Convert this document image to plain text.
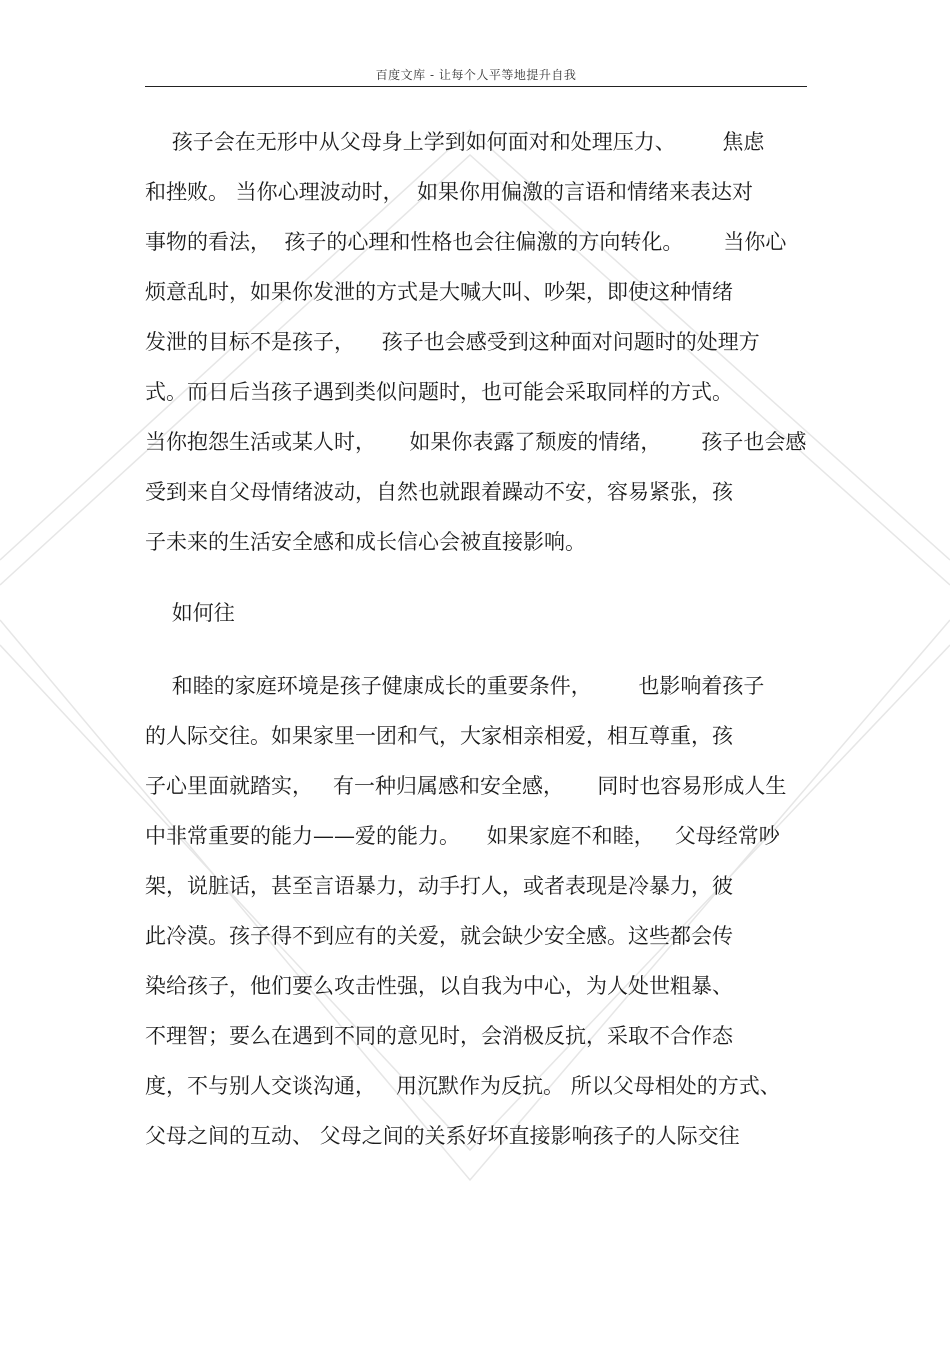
百度文库 - 让每个人平等地提升自我
孩子会在无形中从父母身上学到如何面对和处理压力、       焦虑
和挫败。 当你心理波动时，  如果你用偏激的言语和情绪来表达对
事物的看法，  孩子的心理和性格也会往偏激的方向转化。      当你心
烦意乱时，如果你发泄的方式是大喊大叫、吵架，即使这种情绪
发泄的目标不是孩子，    孩子也会感受到这种面对问题时的处理方
式。而日后当孩子遇到类似问题时，也可能会采取同样的方式。
当你抱怨生活或某人时，     如果你表露了颓废的情绪，      孩子也会感
受到来自父母情绪波动，自然也就跟着躁动不安，容易紧张，孩
子未来的生活安全感和成长信心会被直接影响。
如何往
和睦的家庭环境是孩子健康成长的重要条件，       也影响着孩子
的人际交往。如果家里一团和气，大家相亲相爱，相互尊重，孩
子心里面就踏实，   有一种归属感和安全感，     同时也容易形成人生
中非常重要的能力——爱的能力。    如果家庭不和睦，   父母经常吵
架，说脏话，甚至言语暴力，动手打人，或者表现是冷暴力，彼
此冷漠。孩子得不到应有的关爱，就会缺少安全感。这些都会传
染给孩子，他们要么攻击性强，以自我为中心，为人处世粗暴、
不理智；要么在遇到不同的意见时，会消极反抗，采取不合作态
度，不与别人交谈沟通，   用沉默作为反抗。 所以父母相处的方式、
父母之间的互动、 父母之间的关系好坏直接影响孩子的人际交往
